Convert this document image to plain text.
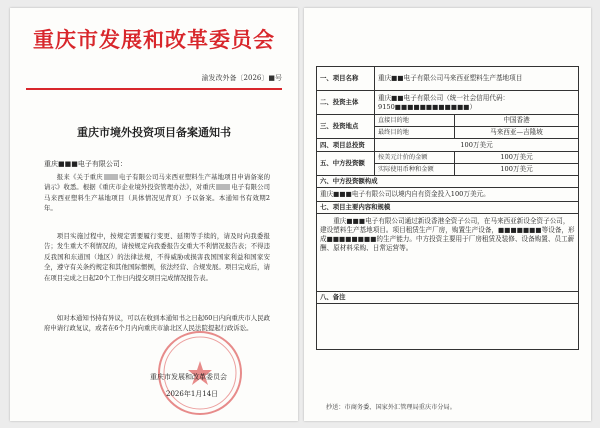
重庆市发展和改革委员会
渝发改外备〔2026〕■号
重庆市境外投资项目备案通知书
重庆■■■电子有限公司：
报来《关于重庆	电子有限公司马来西亚塑料生产基地项目申请备案的请示》收悉。根据《重庆市企业境外投资管理办法》，对重庆	电子有限公司马来西亚塑料生产基地项目（具体情况见背页）予以备案。本通知书有效期2年。
项目实施过程中，按规定需要履行变更、延期等手续的，请及时向我委报告；发生重大不利情况的，请按规定向我委报告交重大不利情况报告表；不得违反我国和东道国（地区）的法律法规，不得威胁或损害我国国家利益和国家安全，遵守有关条约规定和其他国际惯例，依法经营、合规发展。项目完成后，请在项目完成之日起20个工作日内提交项目完成情况报告表。
如对本通知书持有异议，可以在收到本通知书之日起60日内向重庆市人民政府申请行政复议，或者在6个月内向重庆市渝北区人民法院提起行政诉讼。
重庆市发展和改革委员会
2026年1月14日
一、项目名称	重庆■■电子有限公司马来西亚塑料生产基地项目	
二、投资主体	重庆■■电子有限公司（统一社会信用代码：9150■■■■■■■■■■■■）	
三、投资地点	直接目的地	中国香港
	最终目的地	马来西亚—吉隆坡
四、项目总投资	100万美元	
五、中方投资额	按美元计价的金额	100万美元
	实际使用币种和金额	100万美元
六、中方投资额构成		
重庆■■■电子有限公司以境内自有资金投入100万美元。		
七、项目主要内容和规模		
重庆■■■电子有限公司通过新设香港全资子公司，在马来西亚新设全资子公司，建设塑料生产基地项目。项目租赁生产厂房，购置生产设备，■■■■■■■等设备，形成■■■■■■■■的生产能力。中方投资主要用于厂房租赁及装修、设备购置、员工薪酬、原材料采购、日常运营等。		
八、备注		

抄送：市商务委、国家外汇管理局重庆市分局。
